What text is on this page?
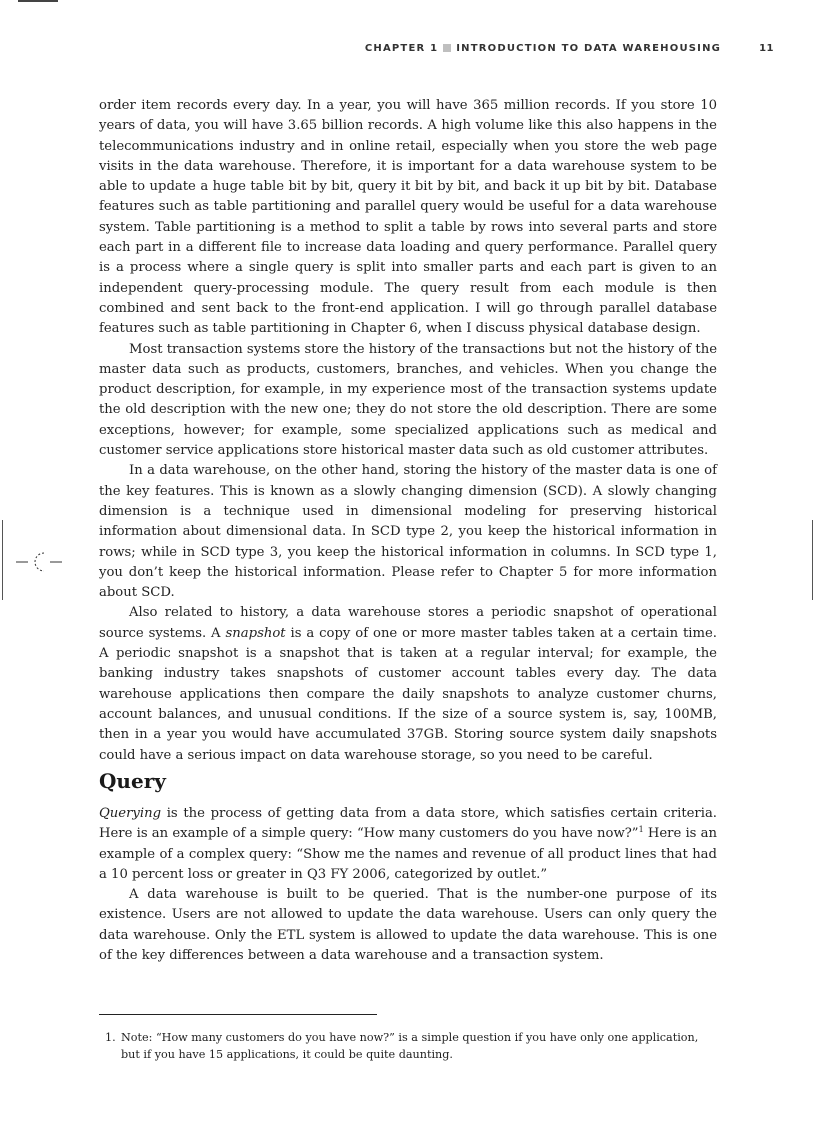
CHAPTER 1 INTRODUCTION TO DATA WAREHOUSING	11

order item records every day. In a year, you will have 365 million records. If you store 10 years of data, you will have 3.65 billion records. A high volume like this also happens in the telecommunications industry and in online retail, especially when you store the web page visits in the data warehouse. Therefore, it is important for a data warehouse system to be able to update a huge table bit by bit, query it bit by bit, and back it up bit by bit. Database features such as table partitioning and parallel query would be useful for a data warehouse system. Table partitioning is a method to split a table by rows into several parts and store each part in a different file to increase data loading and query performance. Parallel query is a process where a single query is split into smaller parts and each part is given to an independent query-processing module. The query result from each module is then combined and sent back to the front-end application. I will go through parallel database features such as table partitioning in Chapter 6, when I discuss physical database design.

Most transaction systems store the history of the transactions but not the history of the master data such as products, customers, branches, and vehicles. When you change the product description, for example, in my experience most of the transaction systems update the old description with the new one; they do not store the old description. There are some exceptions, however; for example, some specialized applications such as medical and customer service applications store historical master data such as old customer attributes.

In a data warehouse, on the other hand, storing the history of the master data is one of the key features. This is known as a slowly changing dimension (SCD). A slowly changing dimension is a technique used in dimensional modeling for preserving historical information about dimensional data. In SCD type 2, you keep the historical information in rows; while in SCD type 3, you keep the historical information in columns. In SCD type 1, you don’t keep the historical information. Please refer to Chapter 5 for more information about SCD.

Also related to history, a data warehouse stores a periodic snapshot of operational source systems. A snapshot is a copy of one or more master tables taken at a certain time. A periodic snapshot is a snapshot that is taken at a regular interval; for example, the banking industry takes snapshots of customer account tables every day. The data warehouse applications then compare the daily snapshots to analyze customer churns, account balances, and unusual conditions. If the size of a source system is, say, 100MB, then in a year you would have accumulated 37GB. Storing source system daily snapshots could have a serious impact on data warehouse storage, so you need to be careful.

Query

Querying is the process of getting data from a data store, which satisfies certain criteria. Here is an example of a simple query: “How many customers do you have now?”$^1$ Here is an example of a complex query: “Show me the names and revenue of all product lines that had a 10 percent loss or greater in Q3 FY 2006, categorized by outlet.”

A data warehouse is built to be queried. That is the number-one purpose of its existence. Users are not allowed to update the data warehouse. Users can only query the data warehouse. Only the ETL system is allowed to update the data warehouse. This is one of the key differences between a data warehouse and a transaction system.

1. Note: “How many customers do you have now?” is a simple question if you have only one application, but if you have 15 applications, it could be quite daunting.
